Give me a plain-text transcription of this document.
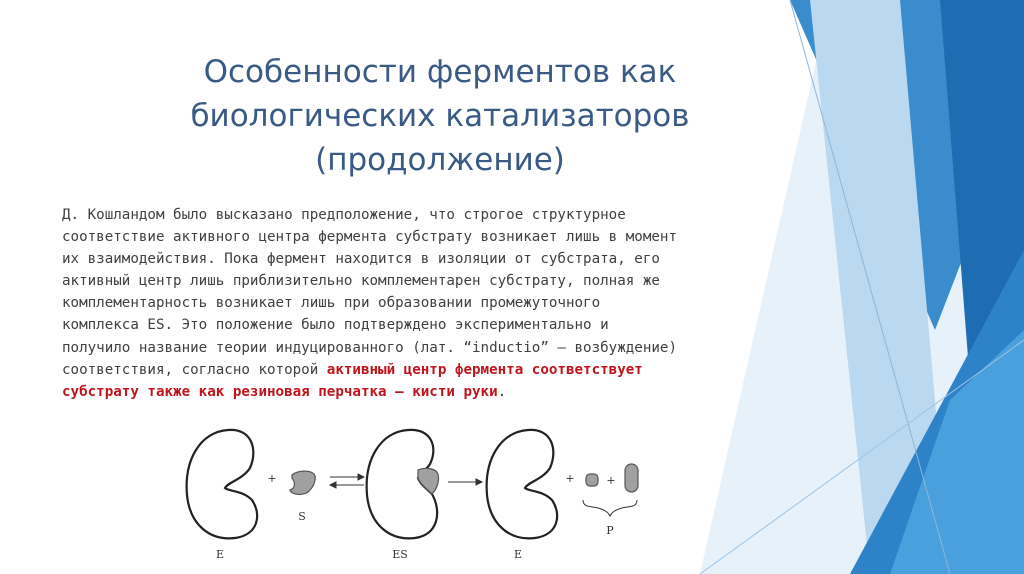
Особенности ферментов как
биологических катализаторов
(продолжение)
Д. Кошландом было высказано предположение, что строгое структурное
соответствие активного центра фермента субстрату возникает лишь в момент
их взаимодействия. Пока фермент находится в изоляции от субстрата, его
активный центр лишь приблизительно комплементарен субстрату, полная же
комплементарность возникает лишь при образовании промежуточного
комплекса ES. Это положение было подтверждено экспериментально и
получило название теории индуцированного (лат. “inductio” — возбуждение)
соответствия, согласно которой активный центр фермента соответствует
субстрату также как резиновая перчатка — кисти руки.
E
+
S
ES	E
+	+
P
